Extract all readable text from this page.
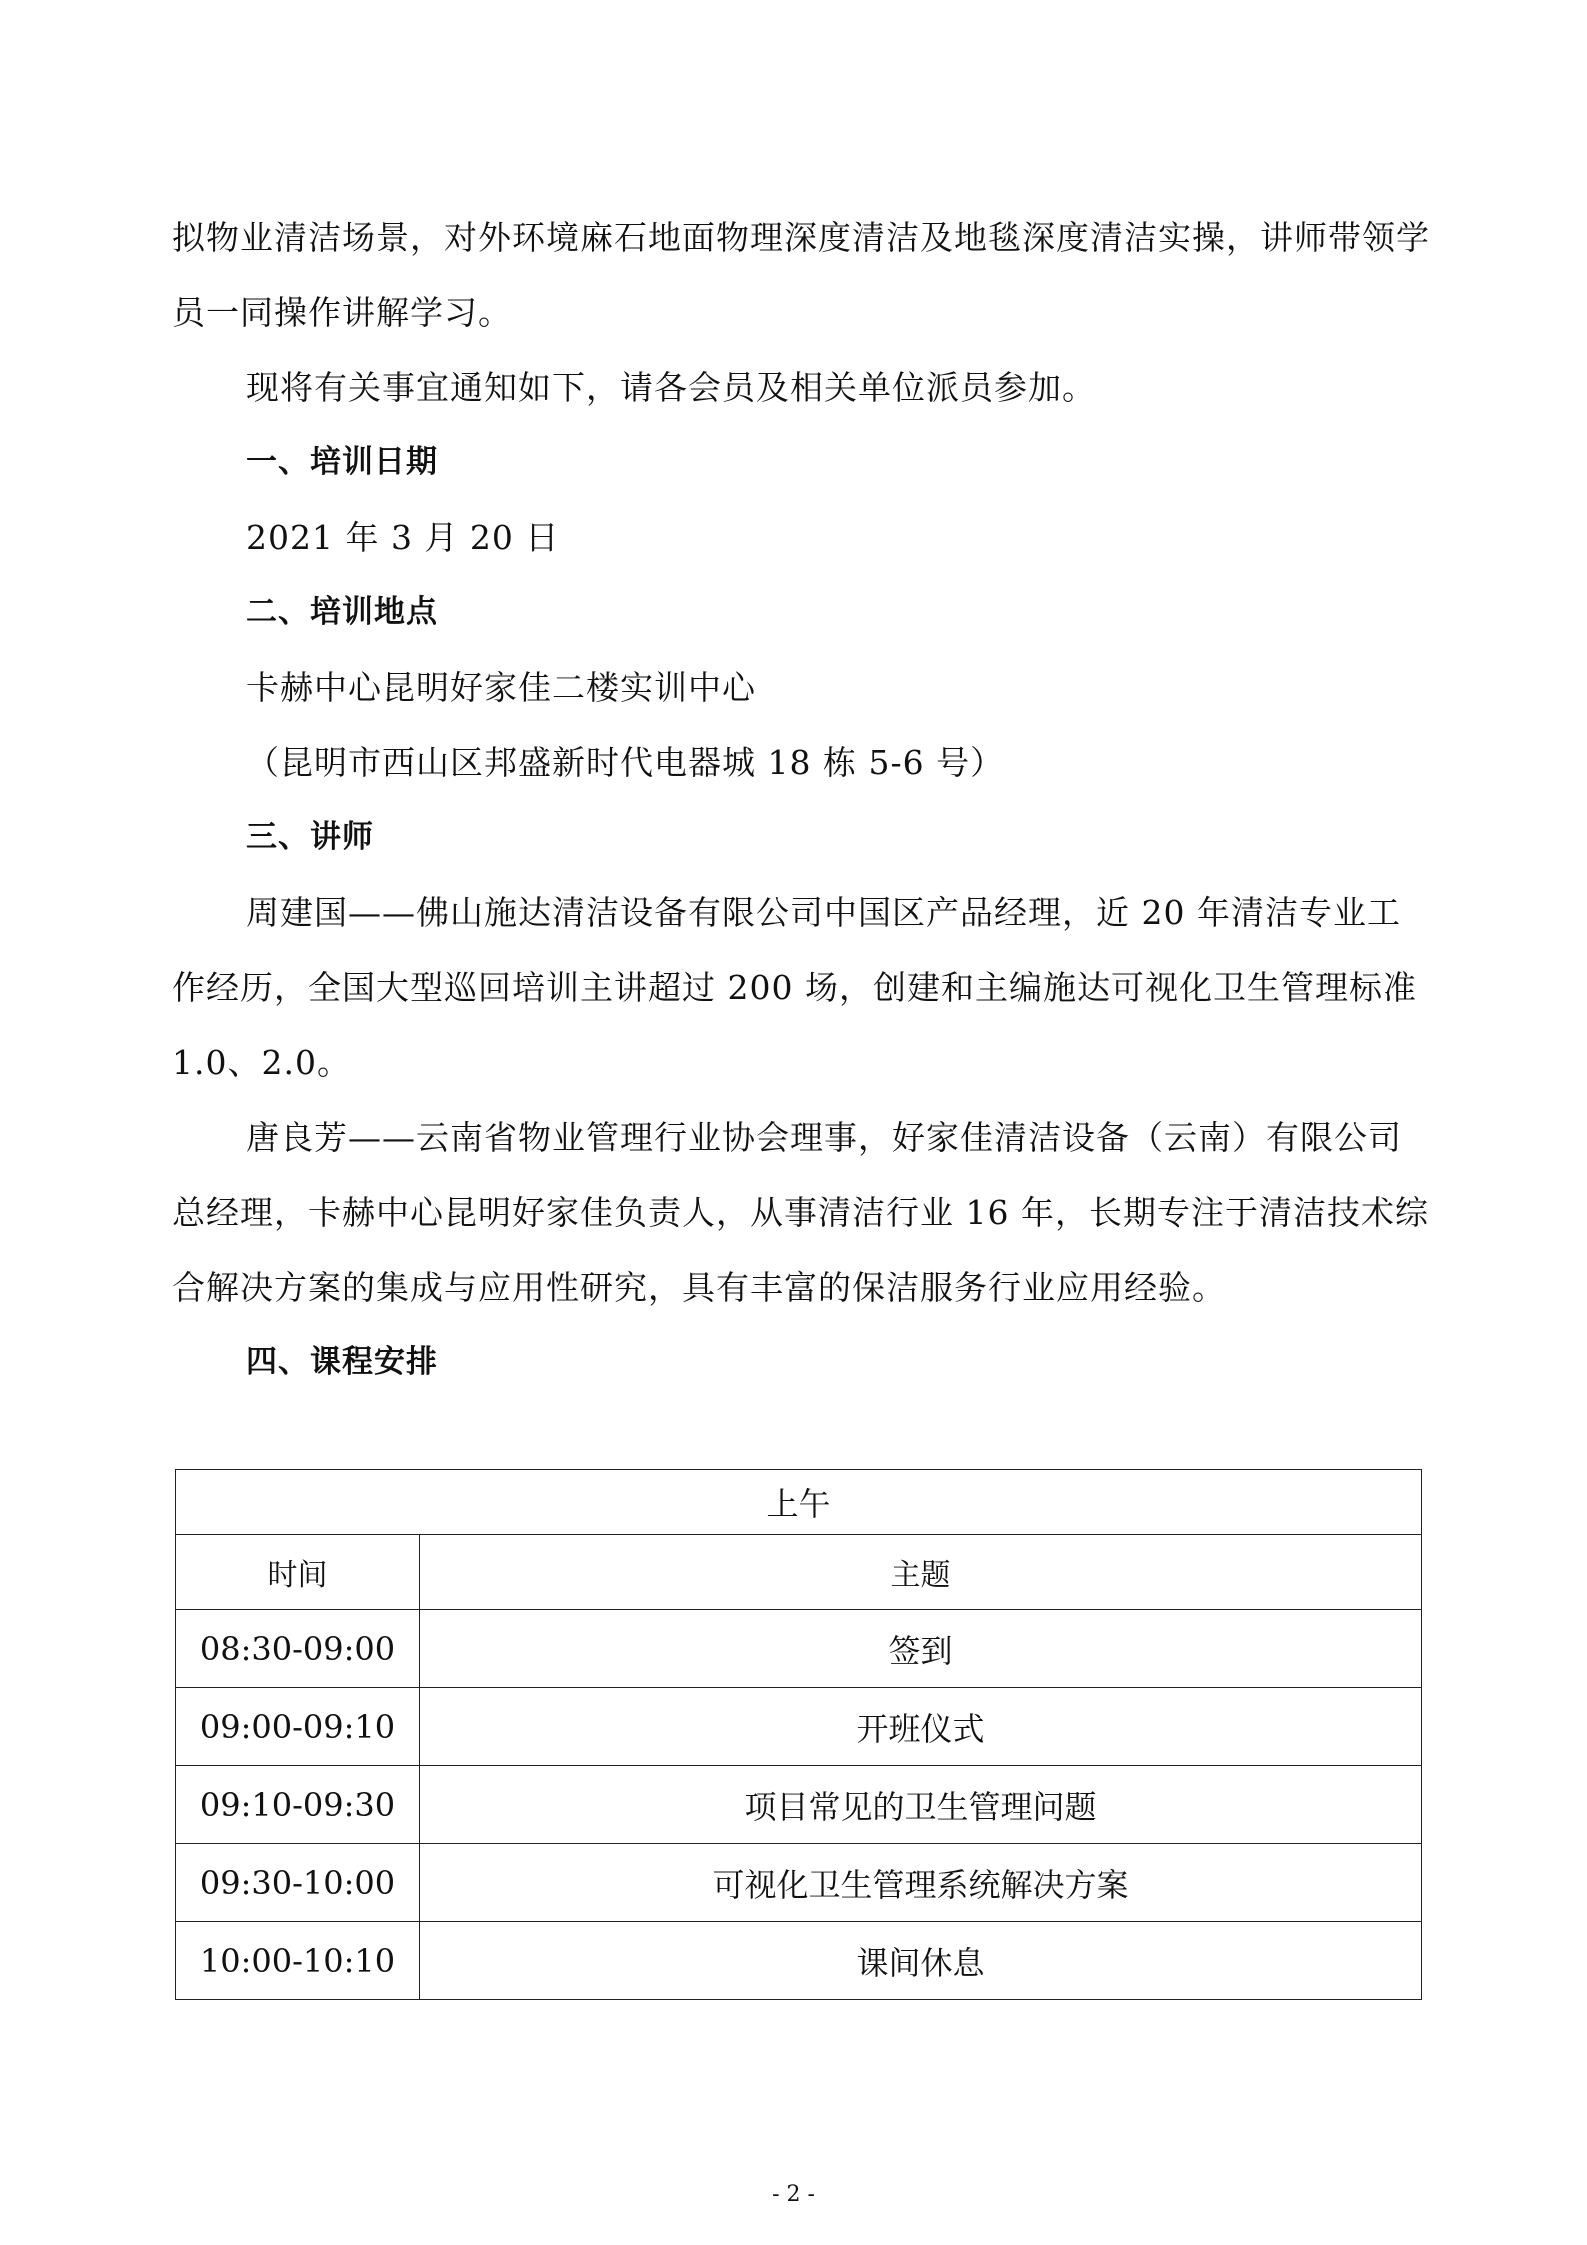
拟物业清洁场景，对外环境麻石地面物理深度清洁及地毯深度清洁实操，讲师带领学员一同操作讲解学习。

现将有关事宜通知如下，请各会员及相关单位派员参加。

一、培训日期

2021 年 3 月 20 日

二、培训地点

卡赫中心昆明好家佳二楼实训中心

（昆明市西山区邦盛新时代电器城 18 栋 5-6 号）

三、讲师

周建国——佛山施达清洁设备有限公司中国区产品经理，近 20 年清洁专业工作经历，全国大型巡回培训主讲超过 200 场，创建和主编施达可视化卫生管理标准 1.0、2.0。

唐良芳——云南省物业管理行业协会理事，好家佳清洁设备（云南）有限公司总经理，卡赫中心昆明好家佳负责人，从事清洁行业 16 年，长期专注于清洁技术综合解决方案的集成与应用性研究，具有丰富的保洁服务行业应用经验。

四、课程安排

上午	
时间	主题
08:30-09:00	签到
09:00-09:10	开班仪式
09:10-09:30	项目常见的卫生管理问题
09:30-10:00	可视化卫生管理系统解决方案
10:00-10:10	课间休息
- 2 -
